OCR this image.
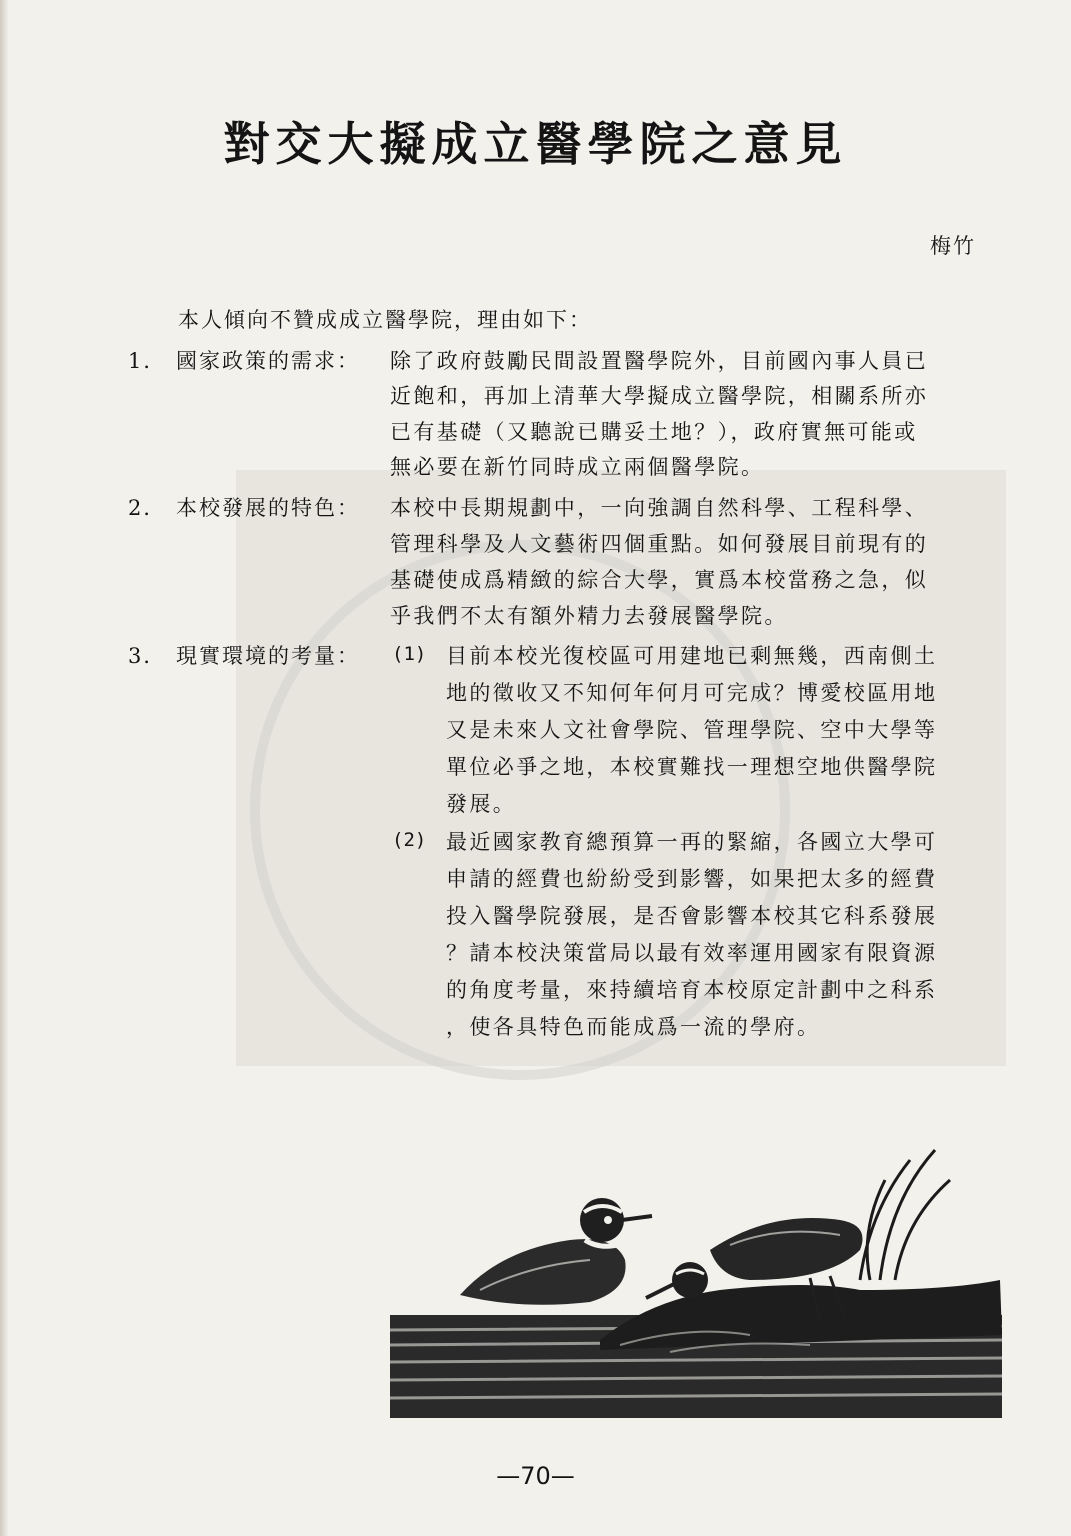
對交大擬成立醫學院之意見
梅竹
本人傾向不贊成成立醫學院，理由如下：
1． 國家政策的需求： 除了政府鼓勵民間設置醫學院外，目前國內事人員已
近飽和，再加上清華大學擬成立醫學院，相關系所亦
已有基礎（又聽說已購妥土地？），政府實無可能或
無必要在新竹同時成立兩個醫學院。
2． 本校發展的特色： 本校中長期規劃中，一向強調自然科學、工程科學、
管理科學及人文藝術四個重點。如何發展目前現有的
基礎使成爲精緻的綜合大學，實爲本校當務之急，似
乎我們不太有額外精力去發展醫學院。
3． 現實環境的考量： (1) 目前本校光復校區可用建地已剩無幾，西南側土
地的徵收又不知何年何月可完成？博愛校區用地
又是未來人文社會學院、管理學院、空中大學等
單位必爭之地，本校實難找一理想空地供醫學院
發展。
(2) 最近國家教育總預算一再的緊縮，各國立大學可
申請的經費也紛紛受到影響，如果把太多的經費
投入醫學院發展，是否會影響本校其它科系發展
？請本校決策當局以最有效率運用國家有限資源
的角度考量，來持續培育本校原定計劃中之科系
，使各具特色而能成爲一流的學府。
—70—
